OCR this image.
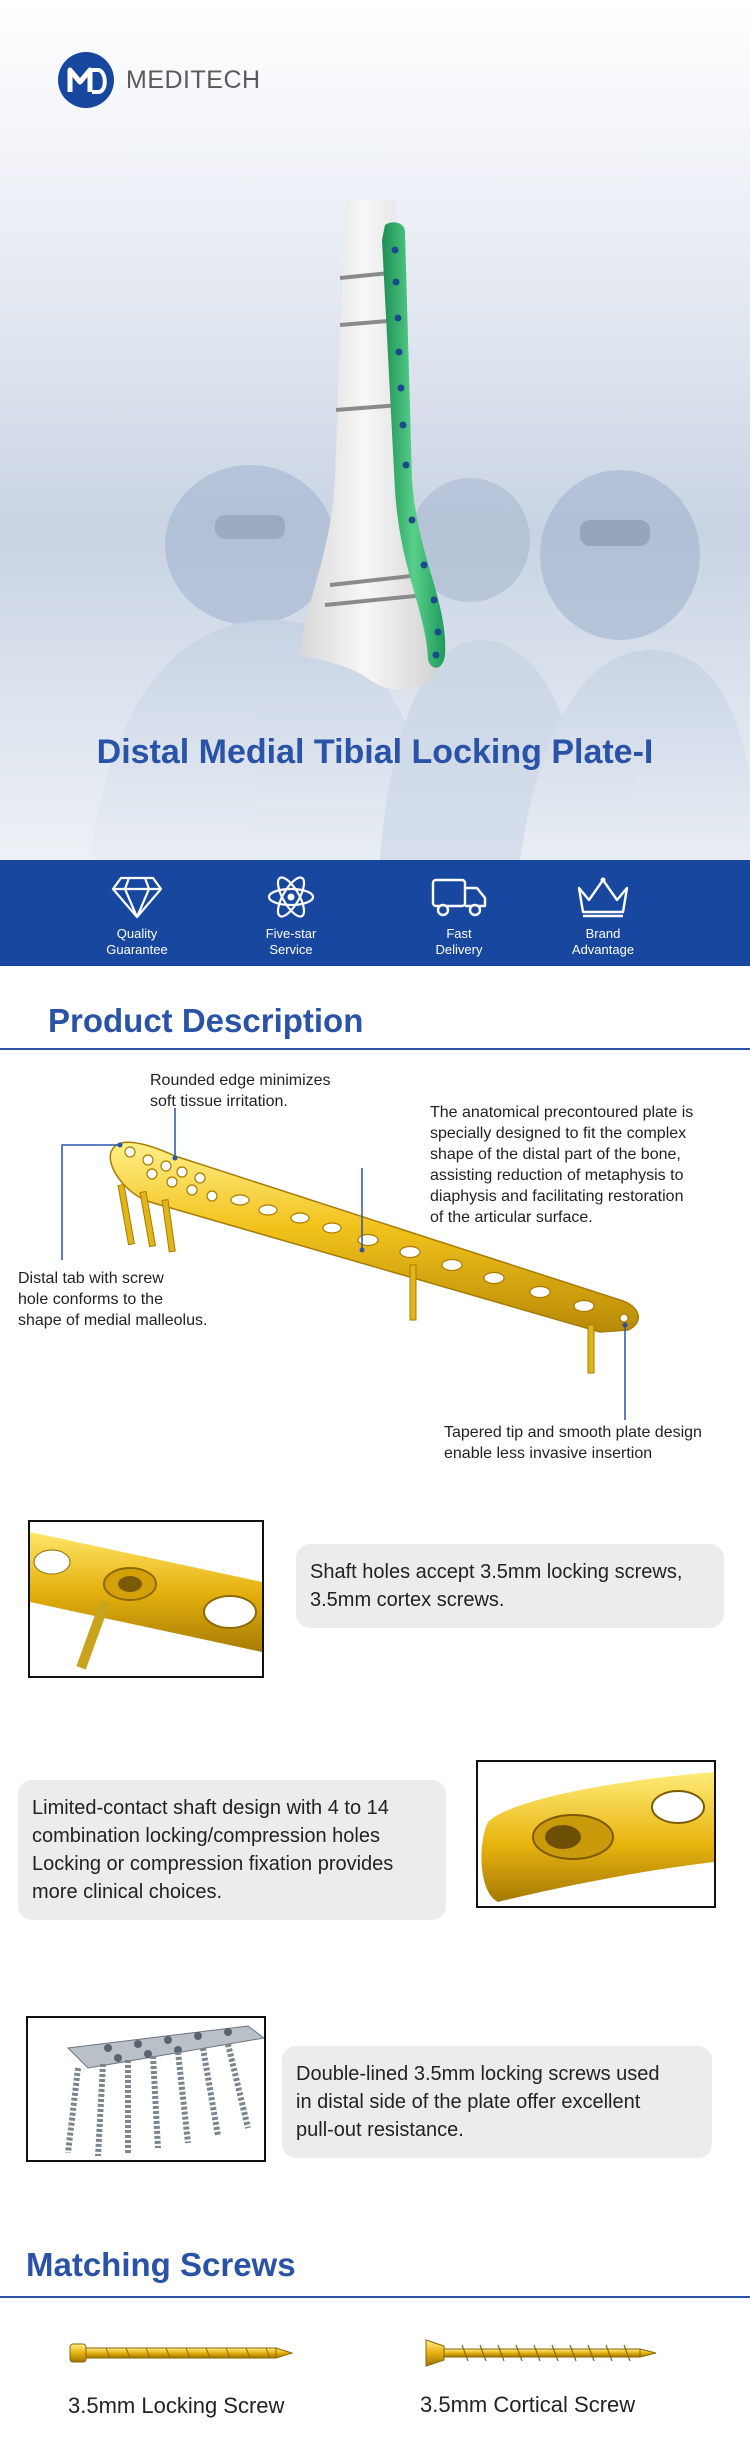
MEDITECH
Distal Medial Tibial Locking Plate-I
Quality
Guarantee
Five-star
Service
Fast
Delivery
Brand
Advantage
Product Description
Rounded edge minimizes
soft tissue irritation.
The anatomical precontoured plate is
specially designed to fit the complex
shape of the distal part of the bone,
assisting reduction of metaphysis to
diaphysis and facilitating restoration
of the articular surface.
Distal tab with screw
hole conforms to the
shape of medial malleolus.
Tapered tip and smooth plate design
enable less invasive insertion
Shaft holes accept 3.5mm locking screws,
3.5mm cortex screws.
Limited-contact shaft design with 4 to 14
combination locking/compression holes
Locking or compression fixation provides
more clinical choices.
Double-lined 3.5mm locking screws used
in distal side of the plate offer excellent
pull-out resistance.
Matching Screws
3.5mm Locking Screw	3.5mm Cortical Screw
